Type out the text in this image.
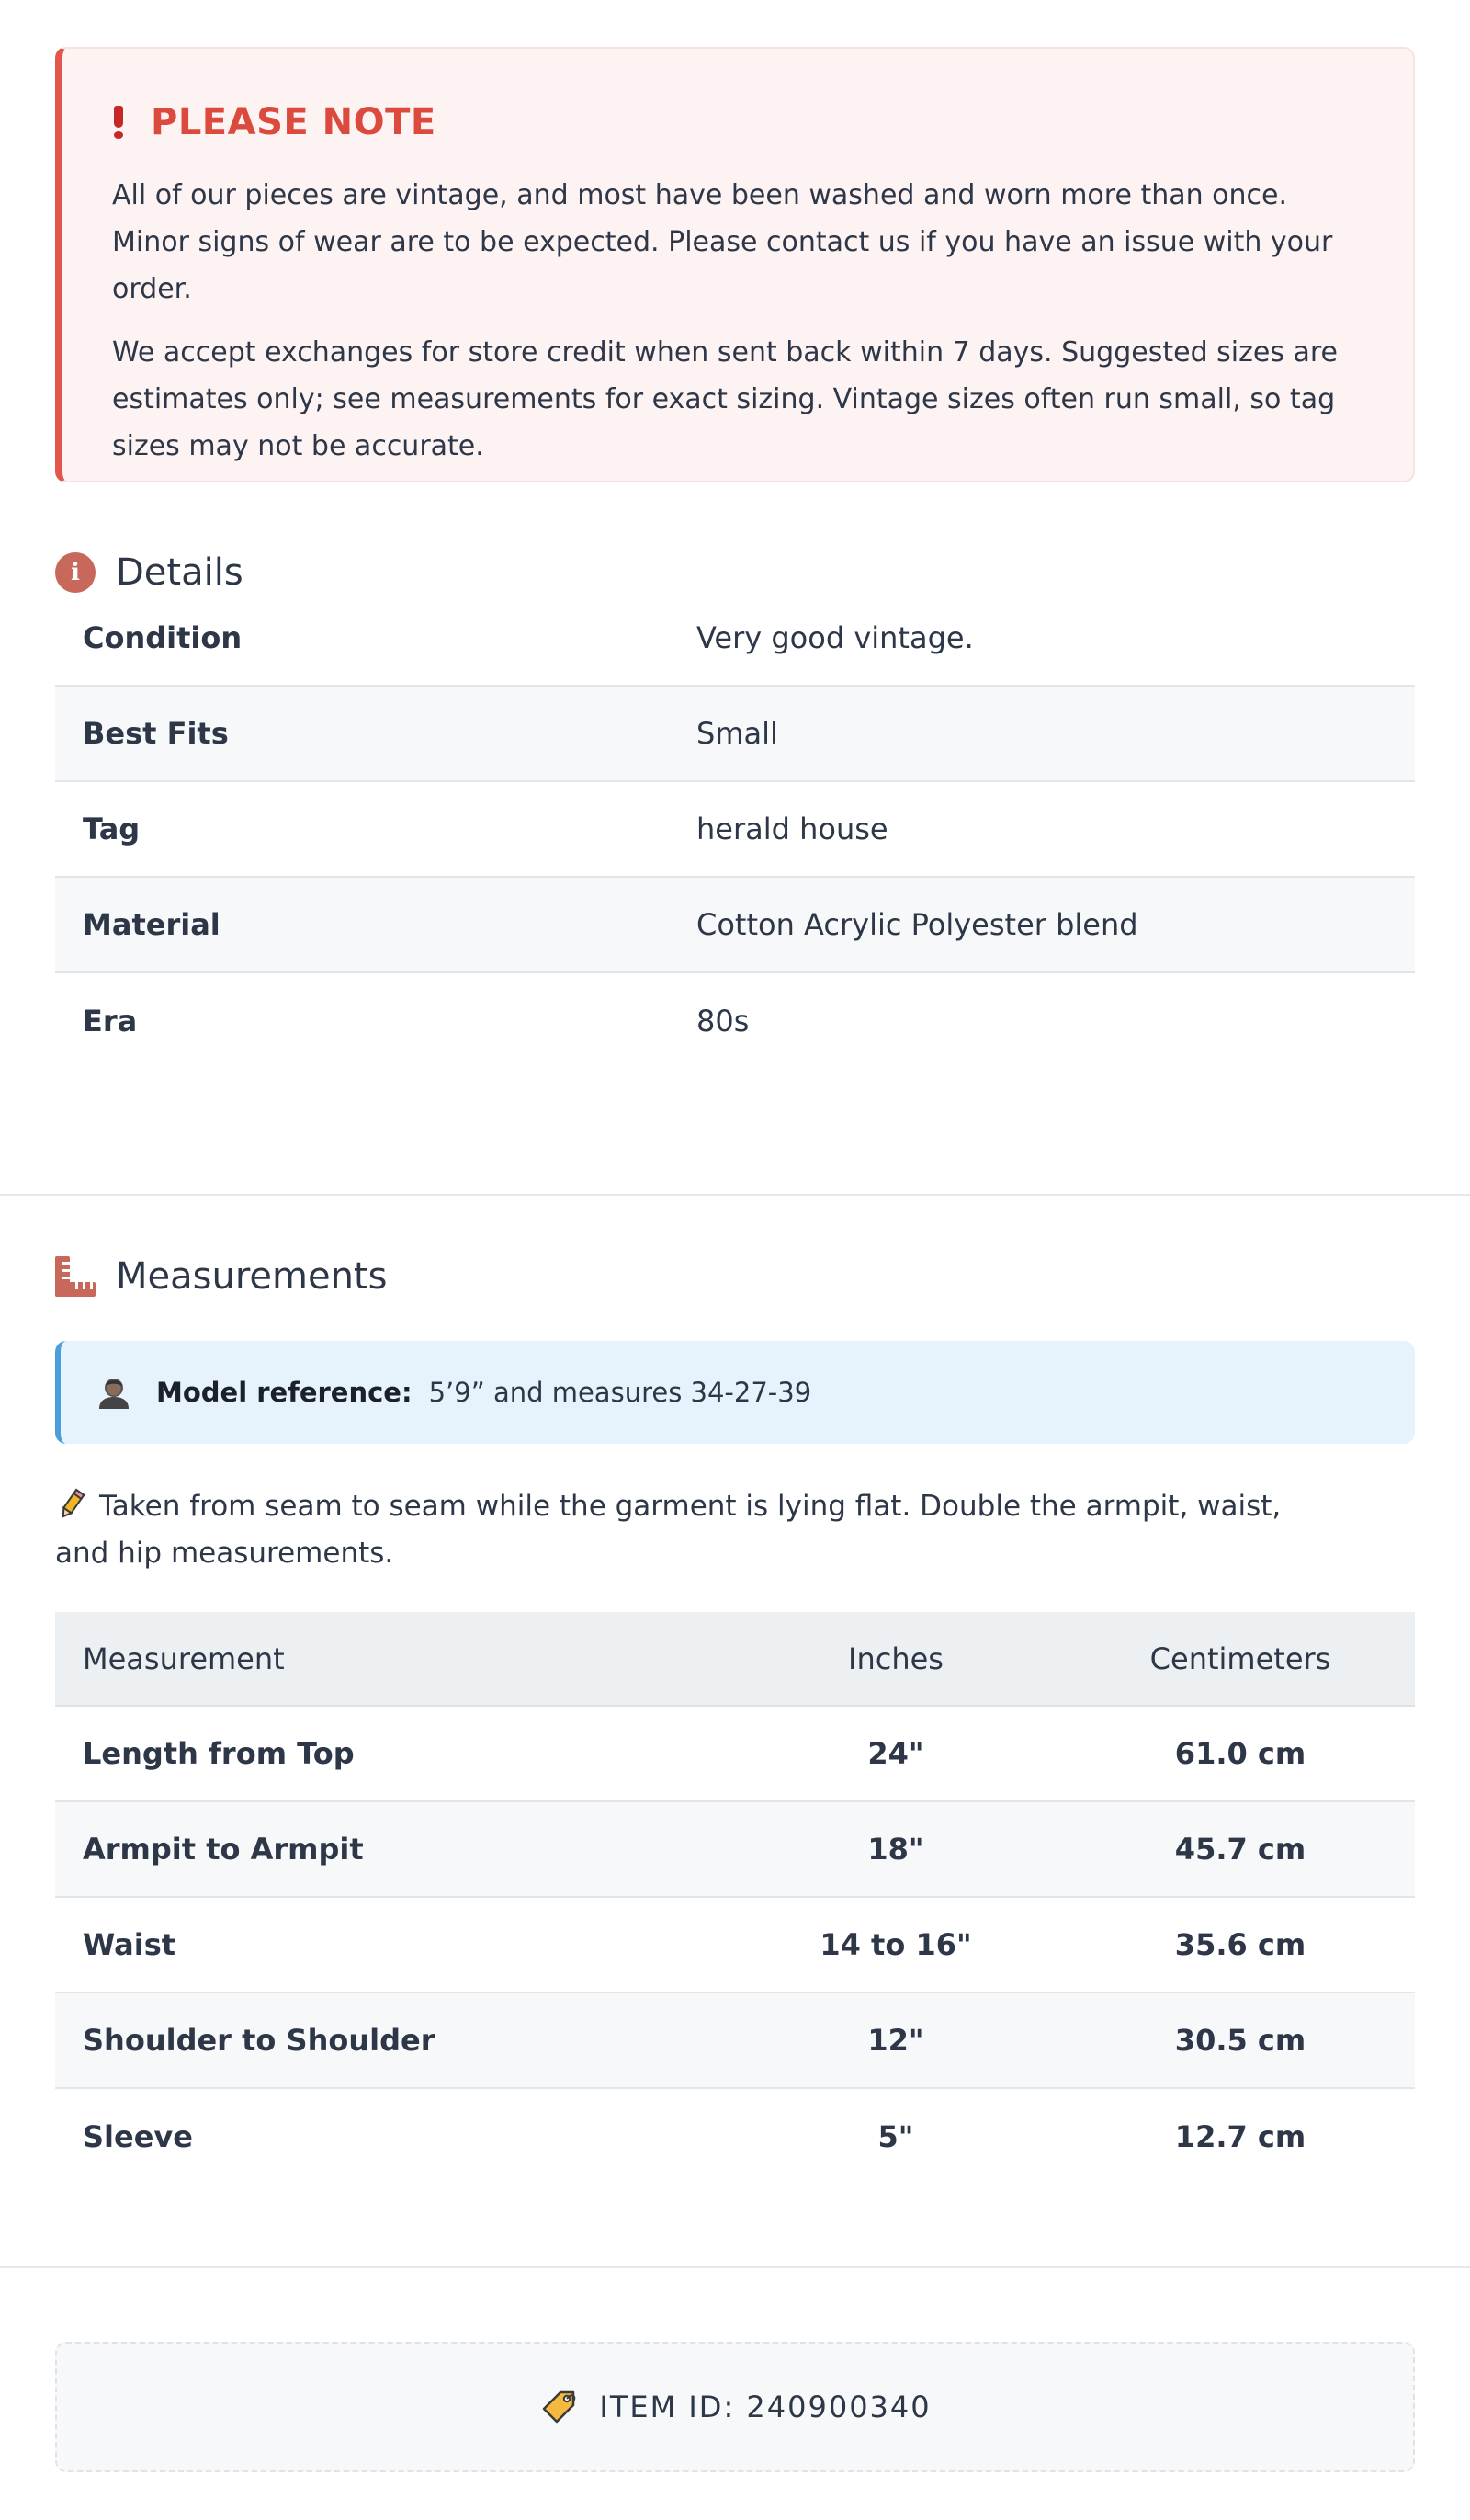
PLEASE NOTE

All of our pieces are vintage, and most have been washed and worn more than once. Minor signs of wear are to be expected. Please contact us if you have an issue with your order.

We accept exchanges for store credit when sent back within 7 days. Suggested sizes are estimates only; see measurements for exact sizing. Vintage sizes often run small, so tag sizes may not be accurate.

i Details
Condition	Very good vintage.
Best Fits	Small
Tag	herald house
Material	Cotton Acrylic Polyester blend
Era	80s
Measurements
Model reference: 5’9” and measures 34-27-39
Taken from seam to seam while the garment is lying flat. Double the armpit, waist, and hip measurements.
Measurement	Inches	Centimeters
Length from Top	24"	61.0 cm
Armpit to Armpit	18"	45.7 cm
Waist	14 to 16"	35.6 cm
Shoulder to Shoulder	12"	30.5 cm
Sleeve	5"	12.7 cm
ITEM ID: 240900340
